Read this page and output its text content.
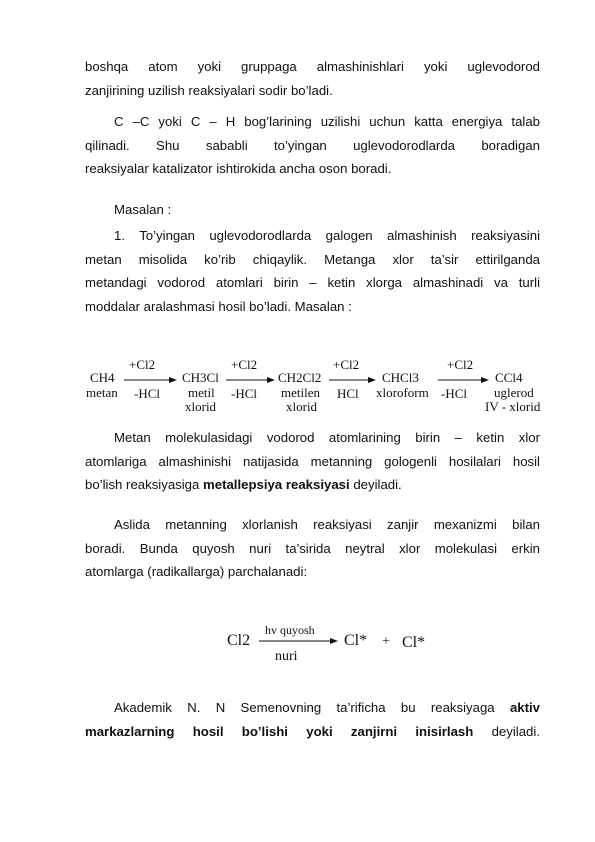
boshqa atom yoki gruppaga almashinishlari yoki uglevodorod
zanjirining uzilish reaksiyalari sodir bo’ladi.
C –C yoki C – H bog’larining uzilishi uchun katta energiya talab
qilinadi. Shu sababli to’yingan uglevodorodlarda boradigan
reaksiyalar katalizator ishtirokida ancha oson boradi.
Masalan :
1. To’yingan uglevodorodlarda galogen almashinish reaksiyasini
metan misolida ko’rib chiqaylik. Metanga xlor ta’sir ettirilganda
metandagi vodorod atomlari birin – ketin xlorga almashinadi va turli
moddalar aralashmasi hosil bo’ladi. Masalan :
CH4
metan
+Cl2
-HCl
CH3Cl
metil
xlorid
+Cl2
-HCl
CH2Cl2
metilen
xlorid
+Cl2
HCl
CHCl3
xloroform
+Cl2
-HCl
CCl4
uglerod
IV - xlorid
Metan molekulasidagi vodorod atomlarining birin – ketin xlor
atomlariga almashinishi natijasida metanning gologenli hosilalari hosil
bo’lish reaksiyasiga metallepsiya reaksiyasi deyiladi.
Aslida metanning xlorlanish reaksiyasi zanjir mexanizmi bilan
boradi. Bunda quyosh nuri ta’sirida neytral xlor molekulasi erkin
atomlarga (radikallarga) parchalanadi:
Cl2
hv quyosh
nuri
Cl* + Cl*
Akademik N. N Semenovning ta’rificha bu reaksiyaga aktiv
markazlarning hosil bo’lishi yoki zanjirni inisirlash deyiladi.
